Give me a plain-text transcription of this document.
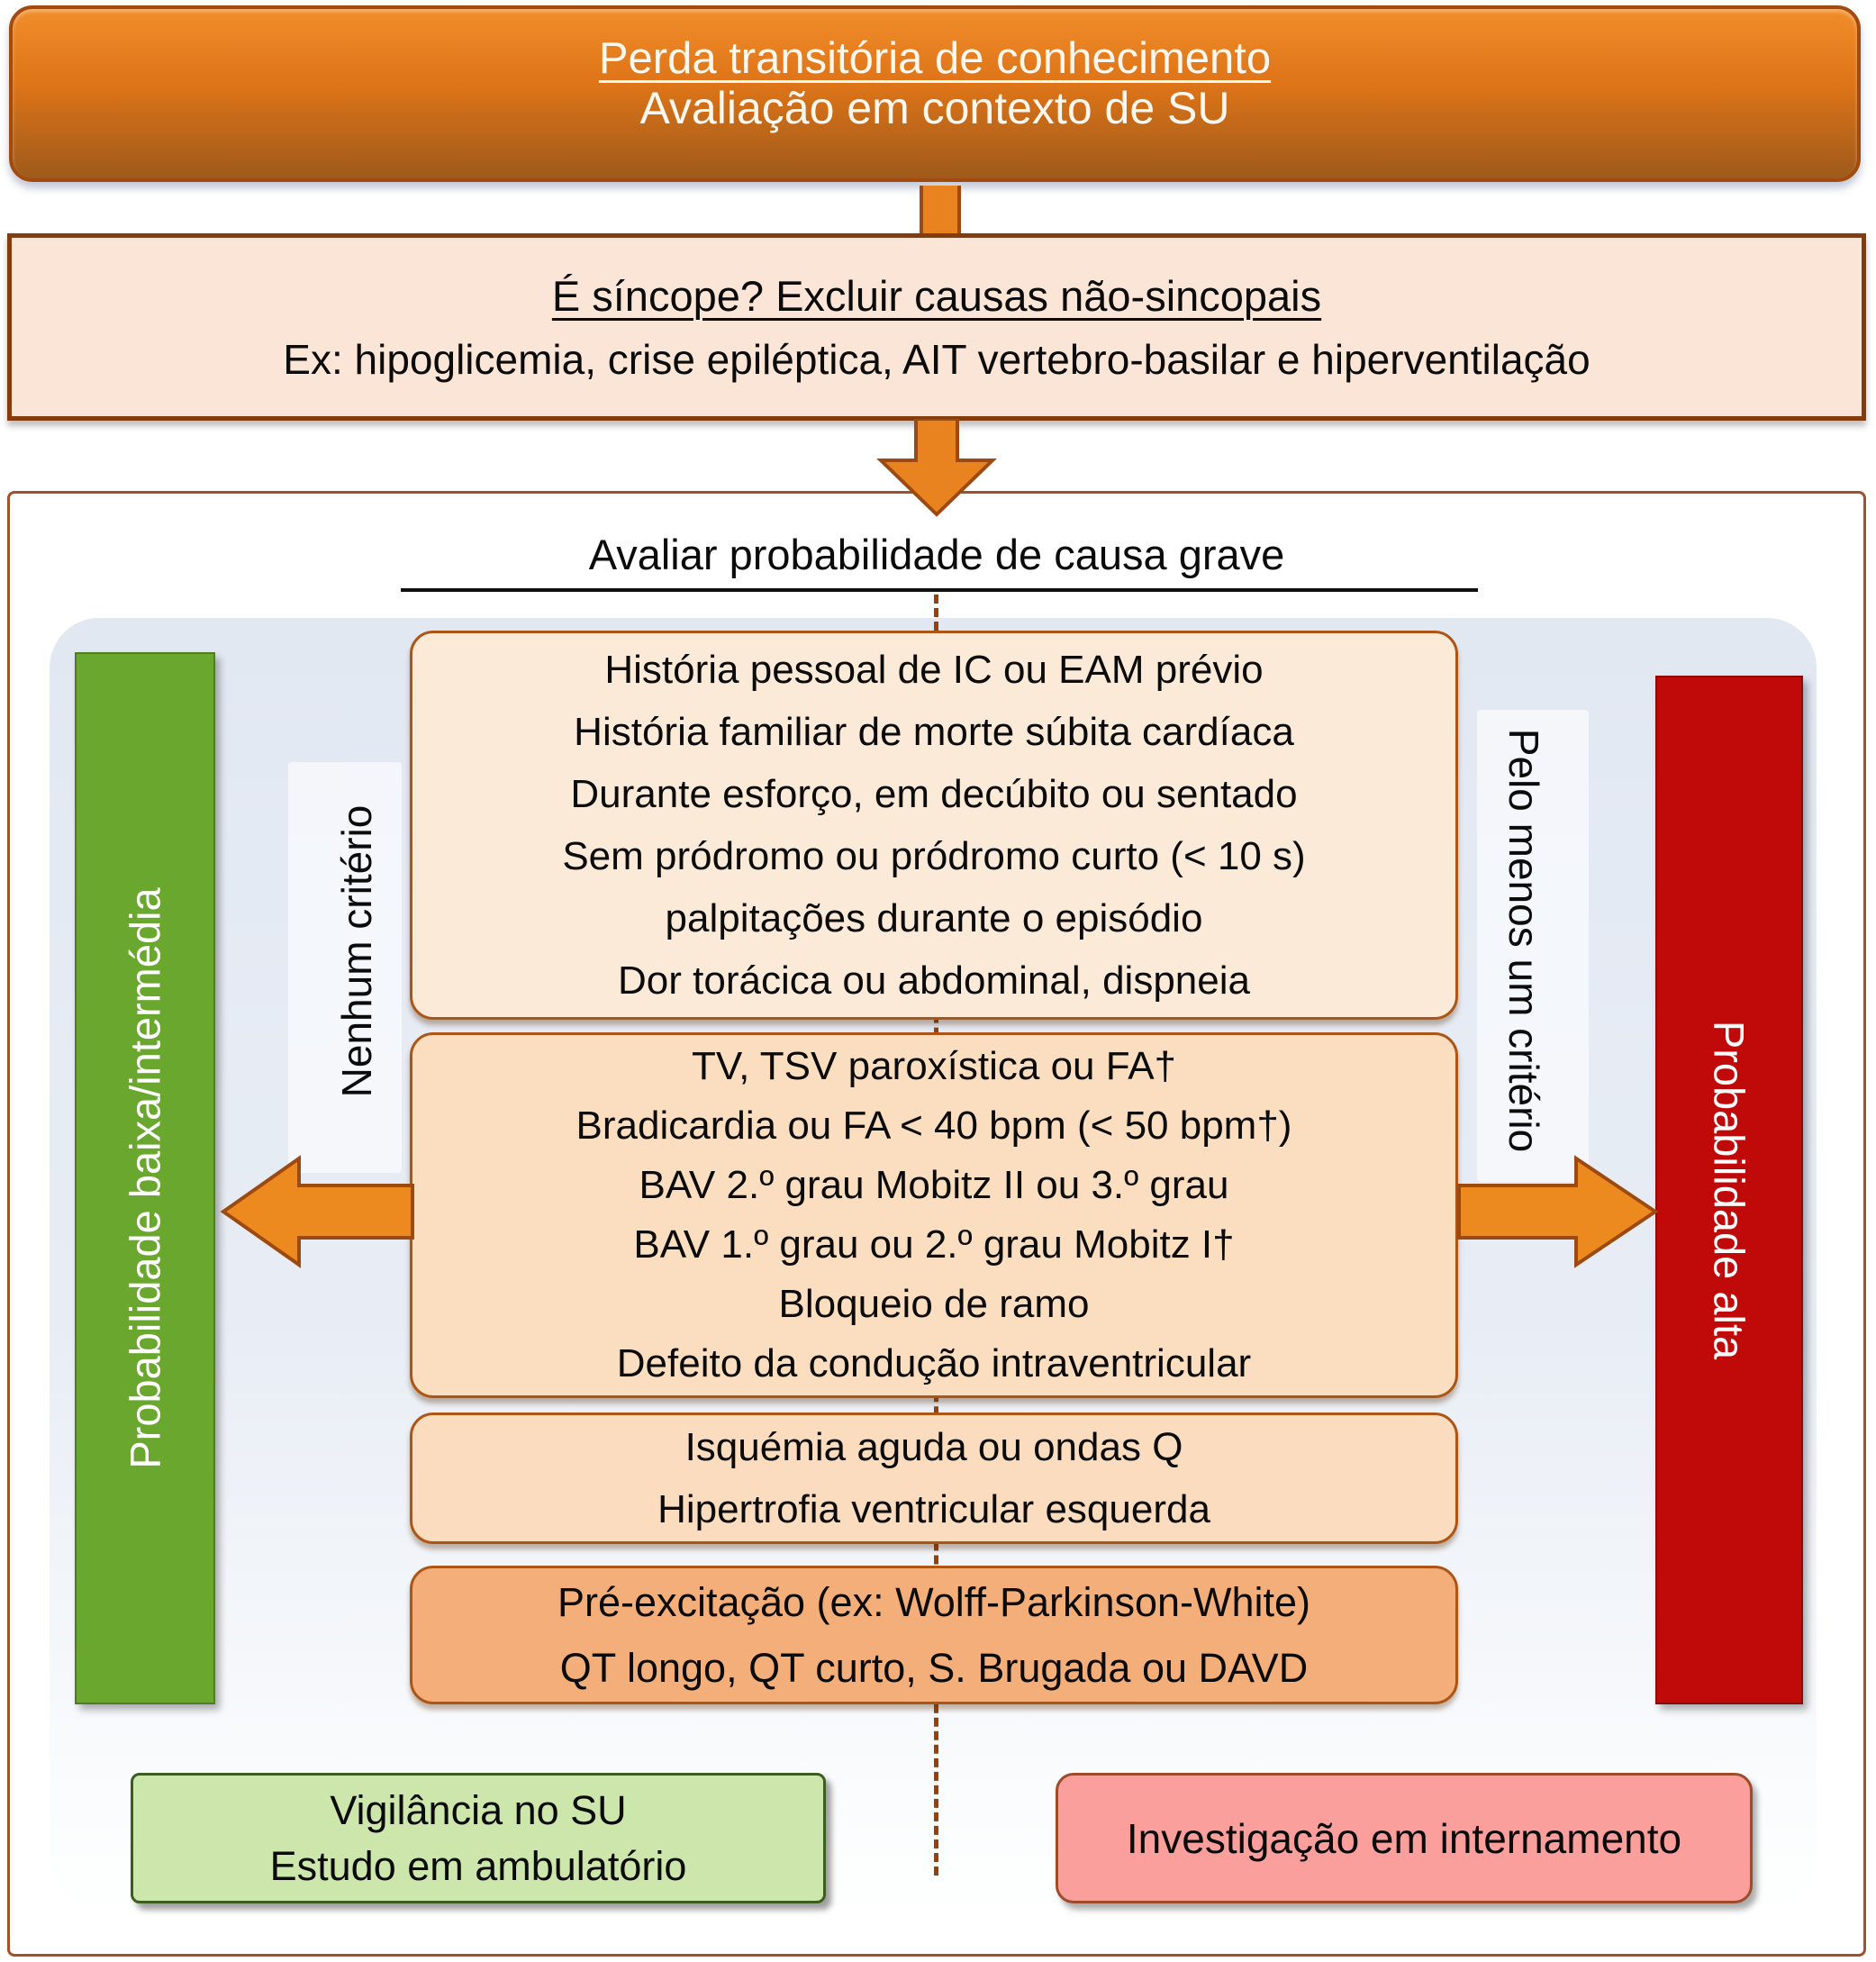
Perda transitória de conhecimento
Avaliação em contexto de SU
É síncope? Excluir causas não-sincopais
Ex: hipoglicemia, crise epiléptica, AIT vertebro-basilar e hiperventilação
Avaliar probabilidade de causa grave
História pessoal de IC ou EAM prévio
História familiar de morte súbita cardíaca
Durante esforço, em decúbito ou sentado
Sem pródromo ou pródromo curto (< 10 s)
palpitações durante o episódio
Dor torácica ou abdominal, dispneia
TV, TSV paroxística ou FA†
Bradicardia ou FA < 40 bpm (< 50 bpm†)
BAV 2.º grau Mobitz II ou 3.º grau
BAV 1.º grau ou 2.º grau Mobitz I†
Bloqueio de ramo
Defeito da condução intraventricular
Isquémia aguda ou ondas Q
Hipertrofia ventricular esquerda
Pré-excitação (ex: Wolff-Parkinson-White)
QT longo, QT curto, S. Brugada ou DAVD
Probabilidade baixa/intermédia	Probabilidade alta
Nenhum critério	Pelo menos um critério
Vigilância no SU
Estudo em ambulatório
Investigação em internamento
